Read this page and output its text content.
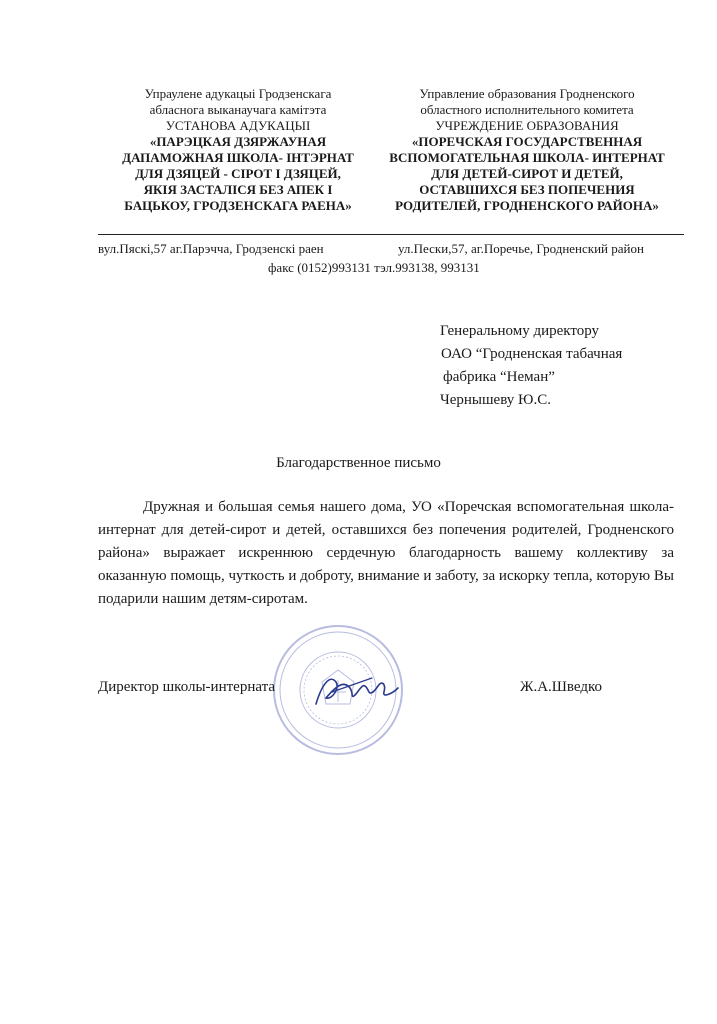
Упраулене адукацыі Гродзенскага
абласнога выканаучага камітэта
УСТАНОВА АДУКАЦЫІ
«ПАРЭЦКАЯ ДЗЯРЖАУНАЯ
ДАПАМОЖНАЯ ШКОЛА- ІНТЭРНАТ
ДЛЯ ДЗЯЦЕЙ - СІРОТ І ДЗЯЦЕЙ,
ЯКІЯ ЗАСТАЛІСЯ БЕЗ АПЕК І
БАЦЬКОУ, ГРОДЗЕНСКАГА РАЕНА»
Управление образования Гродненского
областного исполнительного комитета
УЧРЕЖДЕНИЕ ОБРАЗОВАНИЯ
«ПОРЕЧСКАЯ ГОСУДАРСТВЕННАЯ
ВСПОМОГАТЕЛЬНАЯ ШКОЛА- ИНТЕРНАТ
ДЛЯ ДЕТЕЙ-СИРОТ И ДЕТЕЙ,
ОСТАВШИХСЯ БЕЗ ПОПЕЧЕНИЯ
РОДИТЕЛЕЙ, ГРОДНЕНСКОГО РАЙОНА»
вул.Пяскі,57 аг.Парэчча, Гродзенскі раен	ул.Пески,57, аг.Поречье, Гродненский район
факс (0152)993131 тэл.993138, 993131
Генеральному директору
ОАО “Гродненская табачная
фабрика “Неман”
Чернышеву Ю.С.
Благодарственное письмо
Дружная и большая семья нашего дома, УО «Поречская вспомогательная школа-интернат для детей-сирот и детей, оставшихся без попечения родителей, Гродненского района» выражает искреннюю сердечную благодарность вашему коллективу за оказанную помощь, чуткость и доброту, внимание и заботу, за искорку тепла, которую Вы подарили нашим детям-сиротам.
Директор школы-интерната	Ж.А.Шведко
